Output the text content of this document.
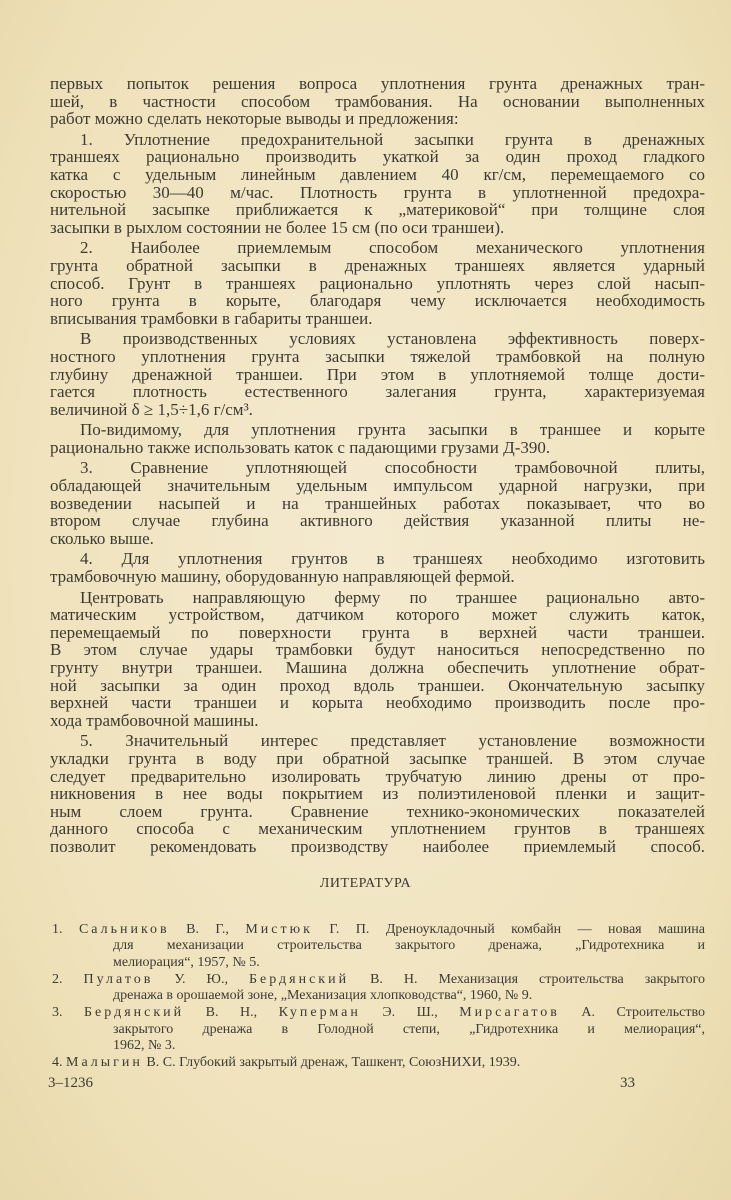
первых попыток решения вопроса уплотнения грунта дренажных тран-
шей, в частности способом трамбования. На основании выполненных
работ можно сделать некоторые выводы и предложения:
1. Уплотнение предохранительной засыпки грунта в дренажных
траншеях рационально производить укаткой за один проход гладкого
катка с удельным линейным давлением 40 кг/см, перемещаемого со
скоростью 30—40 м/час. Плотность грунта в уплотненной предохра-
нительной засыпке приближается к „материковой“ при толщине слоя
засыпки в рыхлом состоянии не более 15 см (по оси траншеи).
2. Наиболее приемлемым способом механического уплотнения
грунта обратной засыпки в дренажных траншеях является ударный
способ. Грунт в траншеях рационально уплотнять через слой насып-
ного грунта в корыте, благодаря чему исключается необходимость
вписывания трамбовки в габариты траншеи.
В производственных условиях установлена эффективность поверх-
ностного уплотнения грунта засыпки тяжелой трамбовкой на полную
глубину дренажной траншеи. При этом в уплотняемой толще дости-
гается плотность естественного залегания грунта, характеризуемая
величиной δ ≥ 1,5÷1,6 г/см³.
По-видимому, для уплотнения грунта засыпки в траншее и корыте
рационально также использовать каток с падающими грузами Д-390.
3. Сравнение уплотняющей способности трамбовочной плиты,
обладающей значительным удельным импульсом ударной нагрузки, при
возведении насыпей и на траншейных работах показывает, что во
втором случае глубина активного действия указанной плиты не-
сколько выше.
4. Для уплотнения грунтов в траншеях необходимо изготовить
трамбовочную машину, оборудованную направляющей фермой.
Центровать направляющую ферму по траншее рационально авто-
матическим устройством, датчиком которого может служить каток,
перемещаемый по поверхности грунта в верхней части траншеи.
В этом случае удары трамбовки будут наноситься непосредственно по
грунту внутри траншеи. Машина должна обеспечить уплотнение обрат-
ной засыпки за один проход вдоль траншеи. Окончательную засыпку
верхней части траншеи и корыта необходимо производить после про-
хода трамбовочной машины.
5. Значительный интерес представляет установление возможности
укладки грунта в воду при обратной засыпке траншей. В этом случае
следует предварительно изолировать трубчатую линию дрены от про-
никновения в нее воды покрытием из полиэтиленовой пленки и защит-
ным слоем грунта. Сравнение технико-экономических показателей
данного способа с механическим уплотнением грунтов в траншеях
позволит рекомендовать производству наиболее приемлемый способ.
ЛИТЕРАТУРА
1. Сальников В. Г., Мистюк Г. П. Дреноукладочный комбайн — новая машина
для механизации строительства закрытого дренажа, „Гидротехника и
мелиорация“, 1957, № 5.
2. Пулатов У. Ю., Бердянский В. Н. Механизация строительства закрытого
дренажа в орошаемой зоне, „Механизация хлопководства“, 1960, № 9.
3. Бердянский В. Н., Куперман Э. Ш., Мирсагатов А. Строительство
закрытого дренажа в Голодной степи, „Гидротехника и мелиорация“,
1962, № 3.
4. Малыгин В. С. Глубокий закрытый дренаж, Ташкент, СоюзНИХИ, 1939.
3–1236	33
